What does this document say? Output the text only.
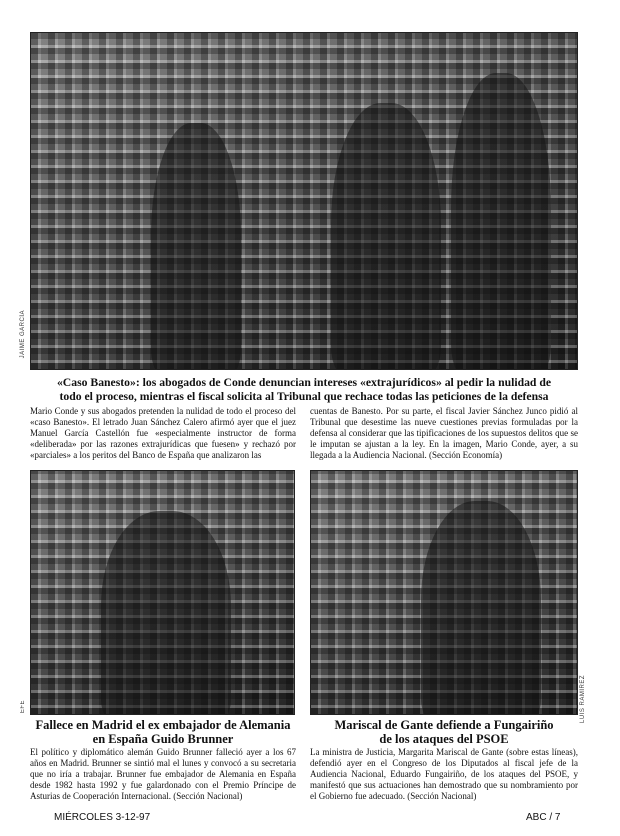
JAIME GARCÍA

«Caso Banesto»: los abogados de Conde denuncian intereses «extrajurídicos» al pedir la nulidad de

todo el proceso, mientras el fiscal solicita al Tribunal que rechace todas las peticiones de la defensa

Mario Conde y sus abogados pretenden la nulidad de todo el proceso del «caso Banesto». El letrado Juan Sánchez Calero afirmó ayer que el juez Manuel García Castellón fue «especialmente instructor de forma «deliberada» por las razones extrajurídicas que fuesen» y rechazó por «parciales» a los peritos del Banco de España que analizaron las

cuentas de Banesto. Por su parte, el fiscal Javier Sánchez Junco pidió al Tribunal que desestime las nueve cuestiones previas formuladas por la defensa al considerar que las tipificaciones de los supuestos delitos que se le imputan se ajustan a la ley. En la imagen, Mario Conde, ayer, a su llegada a la Audiencia Nacional. (Sección Economía)

EFE	LUIS RAMÍREZ

Fallece en Madrid el ex embajador de Alemania

en España Guido Brunner

El político y diplomático alemán Guido Brunner falleció ayer a los 67 años en Madrid. Brunner se sintió mal el lunes y convocó a su secretaria que no iría a trabajar. Brunner fue embajador de Alemania en España desde 1982 hasta 1992 y fue galardonado con el Premio Príncipe de Asturias de Cooperación Internacional. (Sección Nacional)

Mariscal de Gante defiende a Fungairiño

de los ataques del PSOE

La ministra de Justicia, Margarita Mariscal de Gante (sobre estas líneas), defendió ayer en el Congreso de los Diputados al fiscal jefe de la Audiencia Nacional, Eduardo Fungairiño, de los ataques del PSOE, y manifestó que sus actuaciones han demostrado que su nombramiento por el Gobierno fue adecuado. (Sección Nacional)

MIÉRCOLES 3-12-97	ABC / 7
